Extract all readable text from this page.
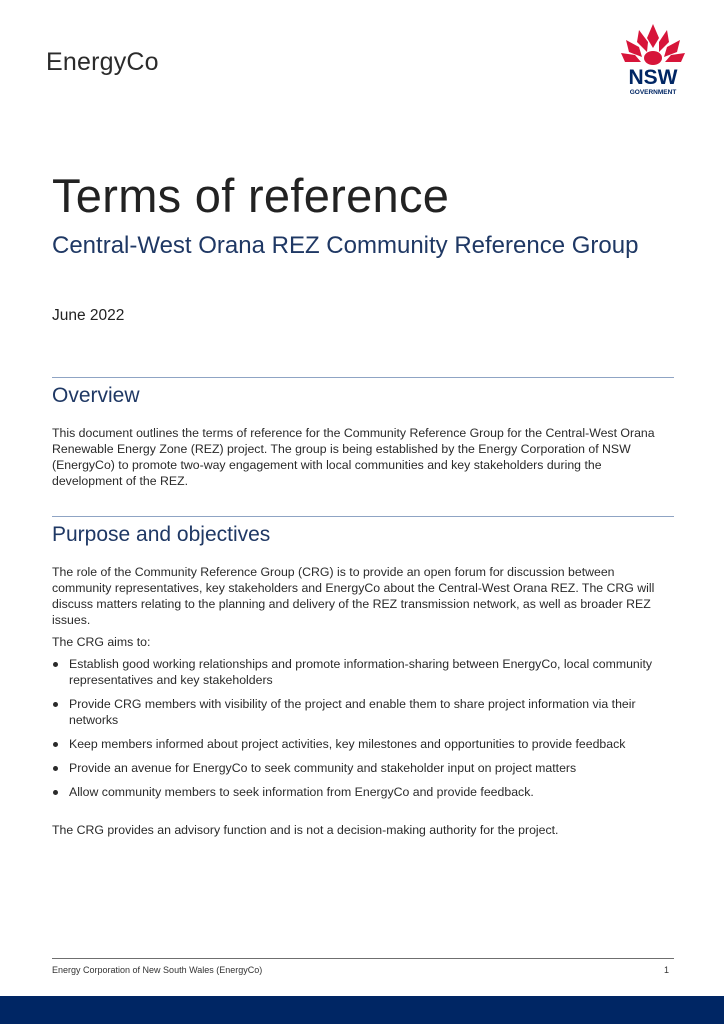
EnergyCo
NSW
GOVERNMENT
Terms of reference
Central-West Orana REZ Community Reference Group
June 2022
Overview

This document outlines the terms of reference for the Community Reference Group for the Central-West Orana Renewable Energy Zone (REZ) project. The group is being established by the Energy Corporation of NSW (EnergyCo) to promote two-way engagement with local communities and key stakeholders during the development of the REZ.

Purpose and objectives

The role of the Community Reference Group (CRG) is to provide an open forum for discussion between community representatives, key stakeholders and EnergyCo about the Central-West Orana REZ. The CRG will discuss matters relating to the planning and delivery of the REZ transmission network, as well as broader REZ issues.

The CRG aims to:

Establish good working relationships and promote information-sharing between EnergyCo, local community representatives and key stakeholders
Provide CRG members with visibility of the project and enable them to share project information via their networks
Keep members informed about project activities, key milestones and opportunities to provide feedback
Provide an avenue for EnergyCo to seek community and stakeholder input on project matters
Allow community members to seek information from EnergyCo and provide feedback.

The CRG provides an advisory function and is not a decision-making authority for the project.

Energy Corporation of New South Wales (EnergyCo)	1
